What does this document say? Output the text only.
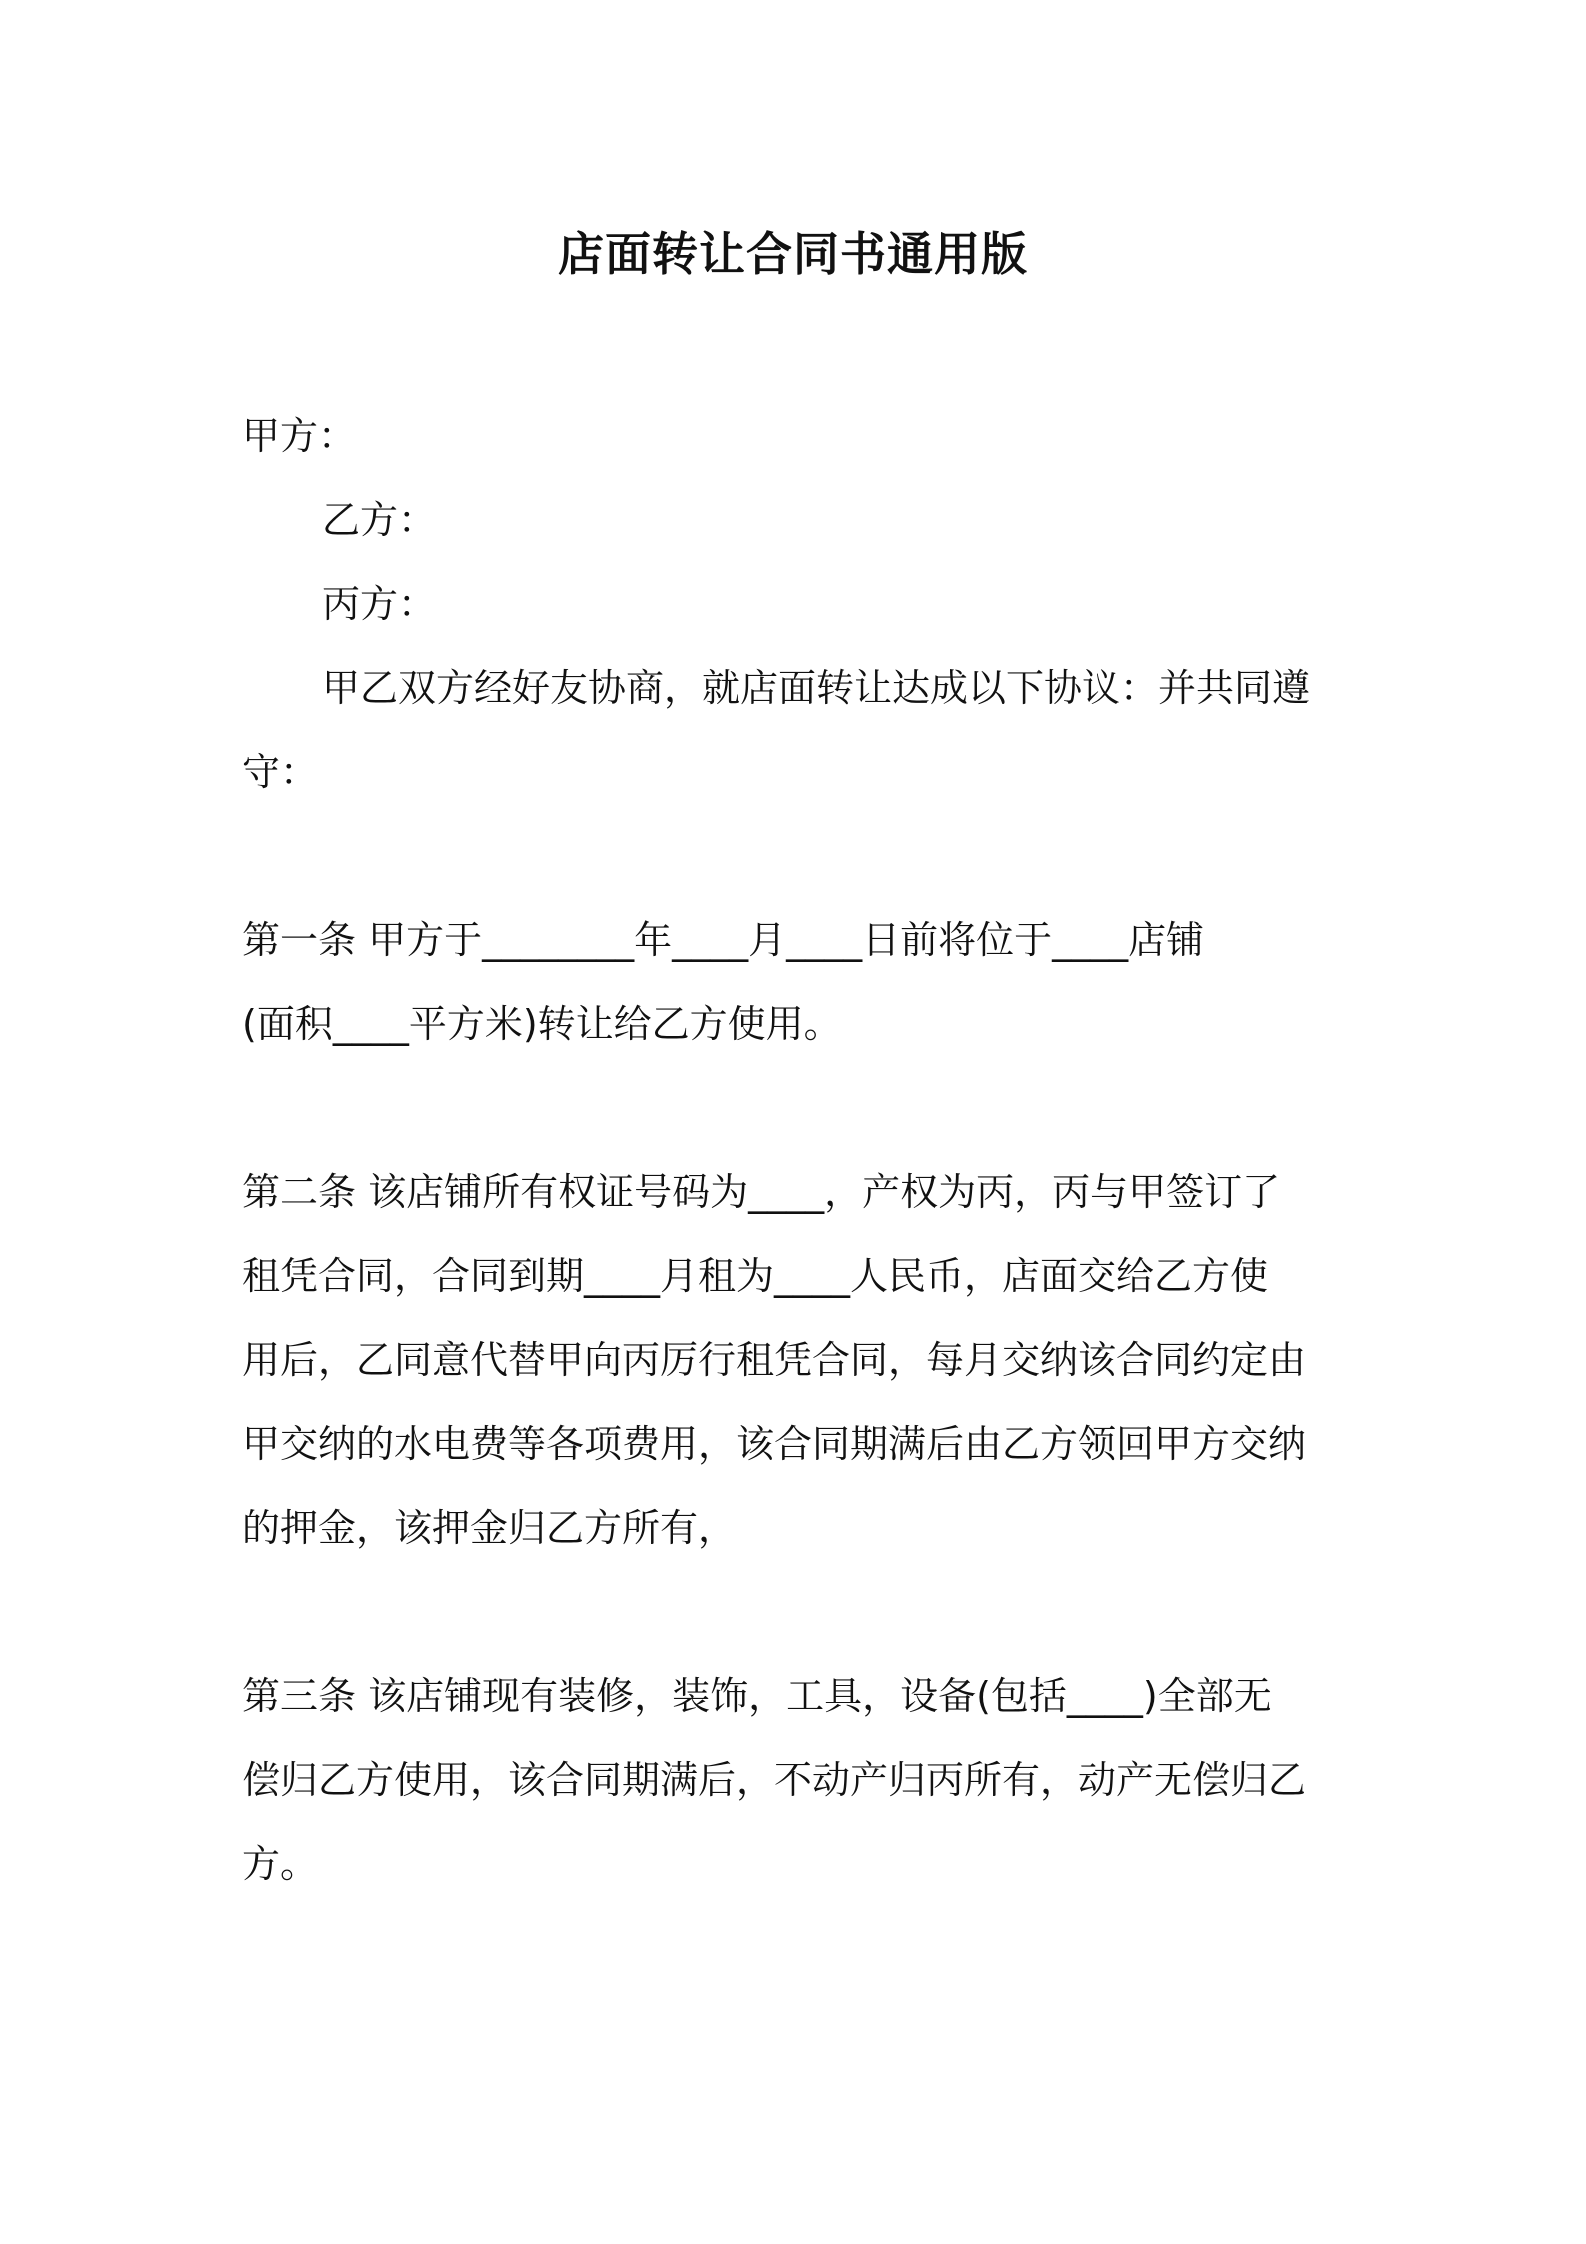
店面转让合同书通用版
甲方：
乙方：
丙方：
甲乙双方经好友协商，就店面转让达成以下协议：并共同遵
守：
第一条 甲方于________年____月____日前将位于____店铺
(面积____平方米)转让给乙方使用。
第二条 该店铺所有权证号码为____，产权为丙，丙与甲签订了
租凭合同，合同到期____月租为____人民币，店面交给乙方使
用后，乙同意代替甲向丙厉行租凭合同，每月交纳该合同约定由
甲交纳的水电费等各项费用，该合同期满后由乙方领回甲方交纳
的押金，该押金归乙方所有，
第三条 该店铺现有装修，装饰，工具，设备(包括____)全部无
偿归乙方使用，该合同期满后，不动产归丙所有，动产无偿归乙
方。
